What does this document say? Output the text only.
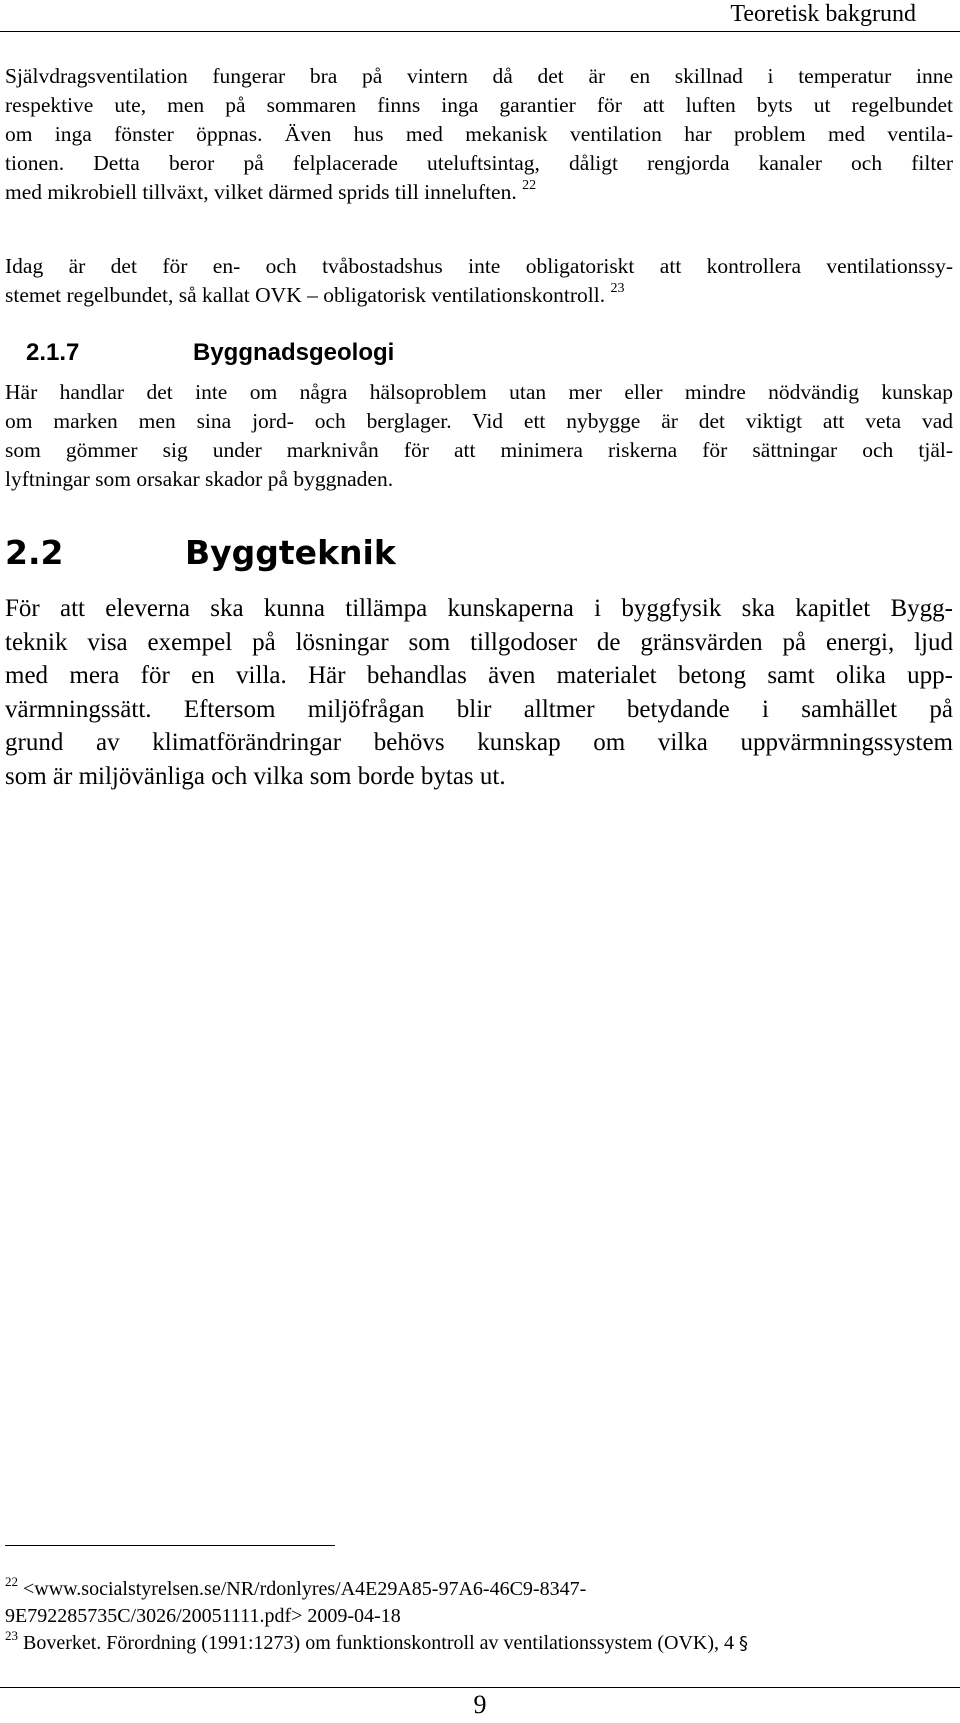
Teoretisk bakgrund
Självdragsventilation fungerar bra på vintern då det är en skillnad i temperatur inne
respektive ute, men på sommaren finns inga garantier för att luften byts ut regelbundet
om inga fönster öppnas. Även hus med mekanisk ventilation har problem med ventila-
tionen. Detta beror på felplacerade uteluftsintag, dåligt rengjorda kanaler och filter
med mikrobiell tillväxt, vilket därmed sprids till inneluften. $^{22}$
Idag är det för en- och tvåbostadshus inte obligatoriskt att kontrollera ventilationssy-
stemet regelbundet, så kallat OVK – obligatorisk ventilationskontroll. $^{23}$
2.1.7	Byggnadsgeologi
Här handlar det inte om några hälsoproblem utan mer eller mindre nödvändig kunskap
om marken men sina jord- och berglager. Vid ett nybygge är det viktigt att veta vad
som gömmer sig under marknivån för att minimera riskerna för sättningar och tjäl-
lyftningar som orsakar skador på byggnaden.
2.2	Byggteknik
För att eleverna ska kunna tillämpa kunskaperna i byggfysik ska kapitlet Bygg-
teknik visa exempel på lösningar som tillgodoser de gränsvärden på energi, ljud
med mera för en villa. Här behandlas även materialet betong samt olika upp-
värmningssätt. Eftersom miljöfrågan blir alltmer betydande i samhället på
grund av klimatförändringar behövs kunskap om vilka uppvärmningssystem
som är miljövänliga och vilka som borde bytas ut.
$^{22}$ <www.socialstyrelsen.se/NR/rdonlyres/A4E29A85-97A6-46C9-8347-
9E792285735C/3026/20051111.pdf> 2009-04-18
$^{23}$ Boverket. Förordning (1991:1273) om funktionskontroll av ventilationssystem (OVK), 4 §
9
